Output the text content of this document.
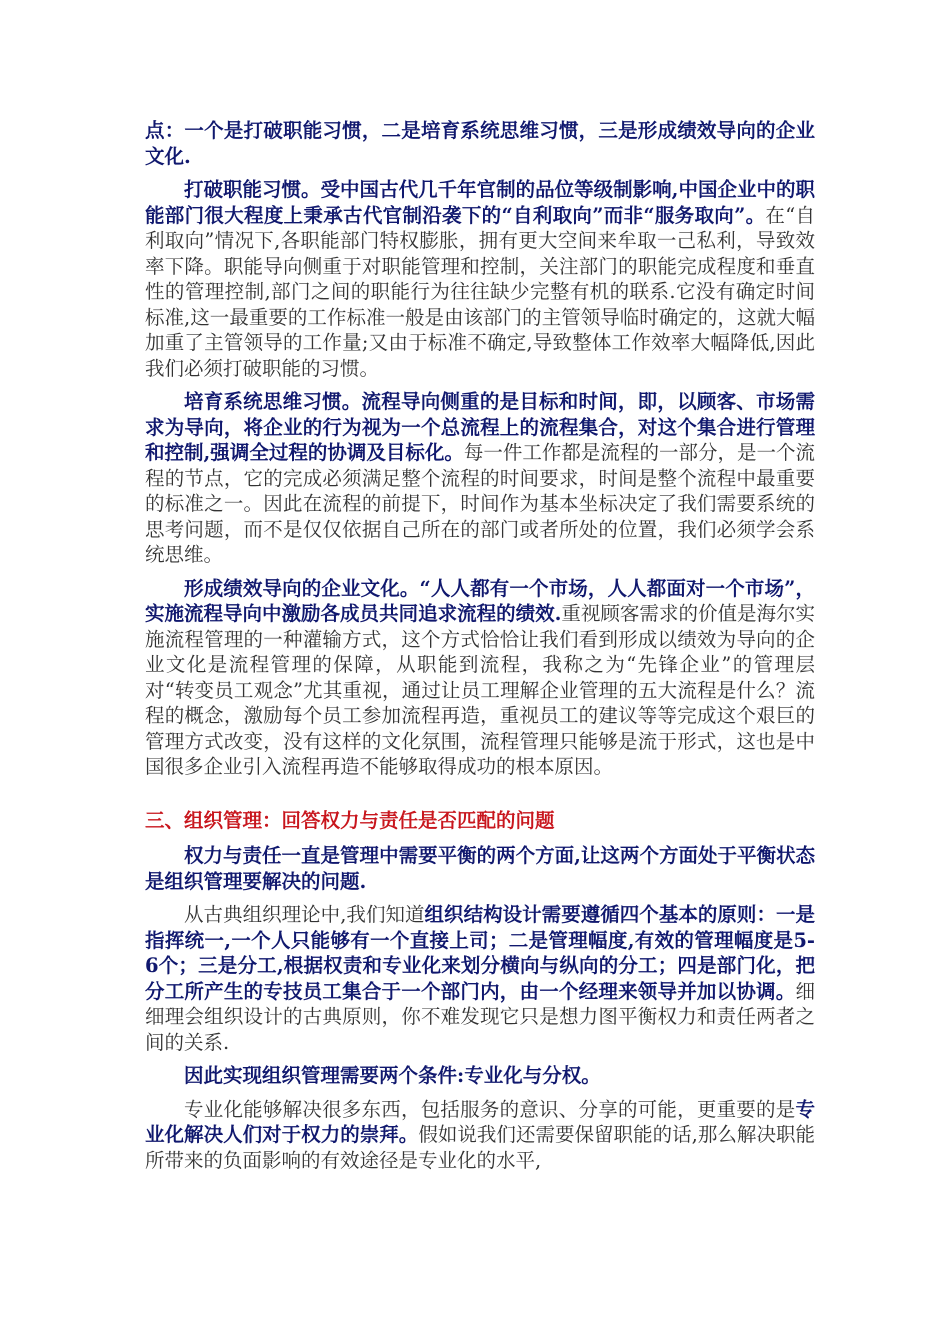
点：一个是打破职能习惯，二是培育系统思维习惯，三是形成绩效导向的企业文化.
打破职能习惯。受中国古代几千年官制的品位等级制影响,中国企业中的职能部门很大程度上秉承古代官制沿袭下的“自利取向”而非“服务取向”。在“自利取向”情况下,各职能部门特权膨胀，拥有更大空间来牟取一己私利，导致效率下降。职能导向侧重于对职能管理和控制，关注部门的职能完成程度和垂直性的管理控制,部门之间的职能行为往往缺少完整有机的联系.它没有确定时间标准,这一最重要的工作标准一般是由该部门的主管领导临时确定的，这就大幅加重了主管领导的工作量;又由于标准不确定,导致整体工作效率大幅降低,因此我们必须打破职能的习惯。
培育系统思维习惯。流程导向侧重的是目标和时间，即，以顾客、市场需求为导向，将企业的行为视为一个总流程上的流程集合，对这个集合进行管理和控制,强调全过程的协调及目标化。每一件工作都是流程的一部分，是一个流程的节点，它的完成必须满足整个流程的时间要求，时间是整个流程中最重要的标准之一。因此在流程的前提下，时间作为基本坐标决定了我们需要系统的思考问题，而不是仅仅依据自己所在的部门或者所处的位置，我们必须学会系统思维。
形成绩效导向的企业文化。“人人都有一个市场，人人都面对一个市场”，实施流程导向中激励各成员共同追求流程的绩效.重视顾客需求的价值是海尔实施流程管理的一种灌输方式，这个方式恰恰让我们看到形成以绩效为导向的企业文化是流程管理的保障，从职能到流程，我称之为“先锋企业”的管理层对“转变员工观念”尤其重视，通过让员工理解企业管理的五大流程是什么？流程的概念，激励每个员工参加流程再造，重视员工的建议等等完成这个艰巨的管理方式改变，没有这样的文化氛围，流程管理只能够是流于形式，这也是中国很多企业引入流程再造不能够取得成功的根本原因。
三、组织管理：回答权力与责任是否匹配的问题
权力与责任一直是管理中需要平衡的两个方面,让这两个方面处于平衡状态是组织管理要解决的问题.
从古典组织理论中,我们知道组织结构设计需要遵循四个基本的原则：一是指挥统一,一个人只能够有一个直接上司；二是管理幅度,有效的管理幅度是5-6个；三是分工,根据权责和专业化来划分横向与纵向的分工；四是部门化，把分工所产生的专技员工集合于一个部门内，由一个经理来领导并加以协调。细细理会组织设计的古典原则，你不难发现它只是想力图平衡权力和责任两者之间的关系.
因此实现组织管理需要两个条件:专业化与分权。
专业化能够解决很多东西，包括服务的意识、分享的可能，更重要的是专业化解决人们对于权力的崇拜。假如说我们还需要保留职能的话,那么解决职能所带来的负面影响的有效途径是专业化的水平,
